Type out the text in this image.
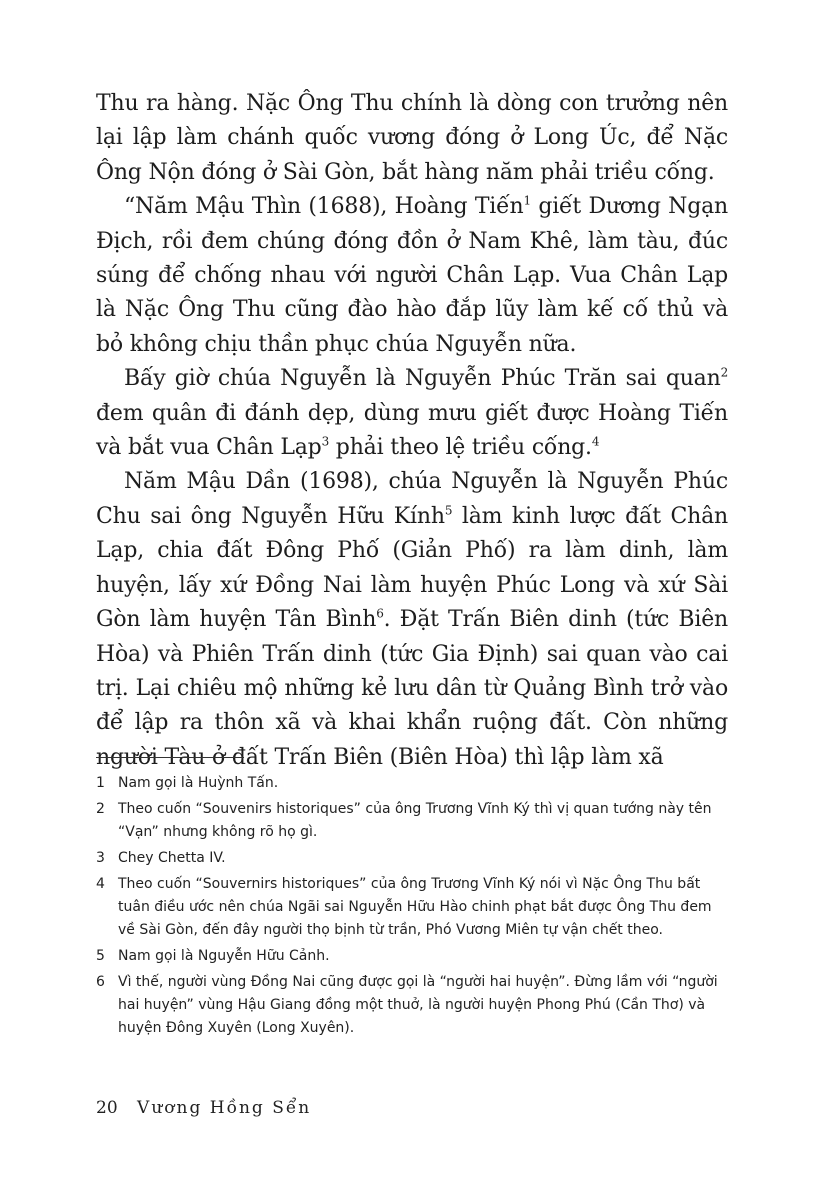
Thu ra hàng. Nặc Ông Thu chính là dòng con trưởng nên lại lập làm chánh quốc vương đóng ở Long Úc, để Nặc Ông Nộn đóng ở Sài Gòn, bắt hàng năm phải triều cống.

“Năm Mậu Thìn (1688), Hoàng Tiến$^1$ giết Dương Ngạn Địch, rồi đem chúng đóng đồn ở Nam Khê, làm tàu, đúc súng để chống nhau với người Chân Lạp. Vua Chân Lạp là Nặc Ông Thu cũng đào hào đắp lũy làm kế cố thủ và bỏ không chịu thần phục chúa Nguyễn nữa.

Bấy giờ chúa Nguyễn là Nguyễn Phúc Trăn sai quan$^2$ đem quân đi đánh dẹp, dùng mưu giết được Hoàng Tiến và bắt vua Chân Lạp$^3$ phải theo lệ triều cống.$^4$

Năm Mậu Dần (1698), chúa Nguyễn là Nguyễn Phúc Chu sai ông Nguyễn Hữu Kính$^5$ làm kinh lược đất Chân Lạp, chia đất Đông Phố (Giản Phố) ra làm dinh, làm huyện, lấy xứ Đồng Nai làm huyện Phúc Long và xứ Sài Gòn làm huyện Tân Bình$^6$. Đặt Trấn Biên dinh (tức Biên Hòa) và Phiên Trấn dinh (tức Gia Định) sai quan vào cai trị. Lại chiêu mộ những kẻ lưu dân từ Quảng Bình trở vào để lập ra thôn xã và khai khẩn ruộng đất. Còn những người Tàu ở đất Trấn Biên (Biên Hòa) thì lập làm xã

1 Nam gọi là Huỳnh Tấn.
2 Theo cuốn “Souvenirs historiques” của ông Trương Vĩnh Ký thì vị quan tướng này tên “Vạn” nhưng không rõ họ gì.
3 Chey Chetta IV.
4 Theo cuốn “Souvernirs historiques” của ông Trương Vĩnh Ký nói vì Nặc Ông Thu bất tuân điều ước nên chúa Ngãi sai Nguyễn Hữu Hào chinh phạt bắt được Ông Thu đem về Sài Gòn, đến đây người thọ bịnh từ trần, Phó Vương Miên tự vận chết theo.
5 Nam gọi là Nguyễn Hữu Cảnh.
6 Vì thế, người vùng Đồng Nai cũng được gọi là “người hai huyện”. Đừng lầm với “người hai huyện” vùng Hậu Giang đồng một thuở, là người huyện Phong Phú (Cần Thơ) và huyện Đông Xuyên (Long Xuyên).
20 Vương Hồng Sển
